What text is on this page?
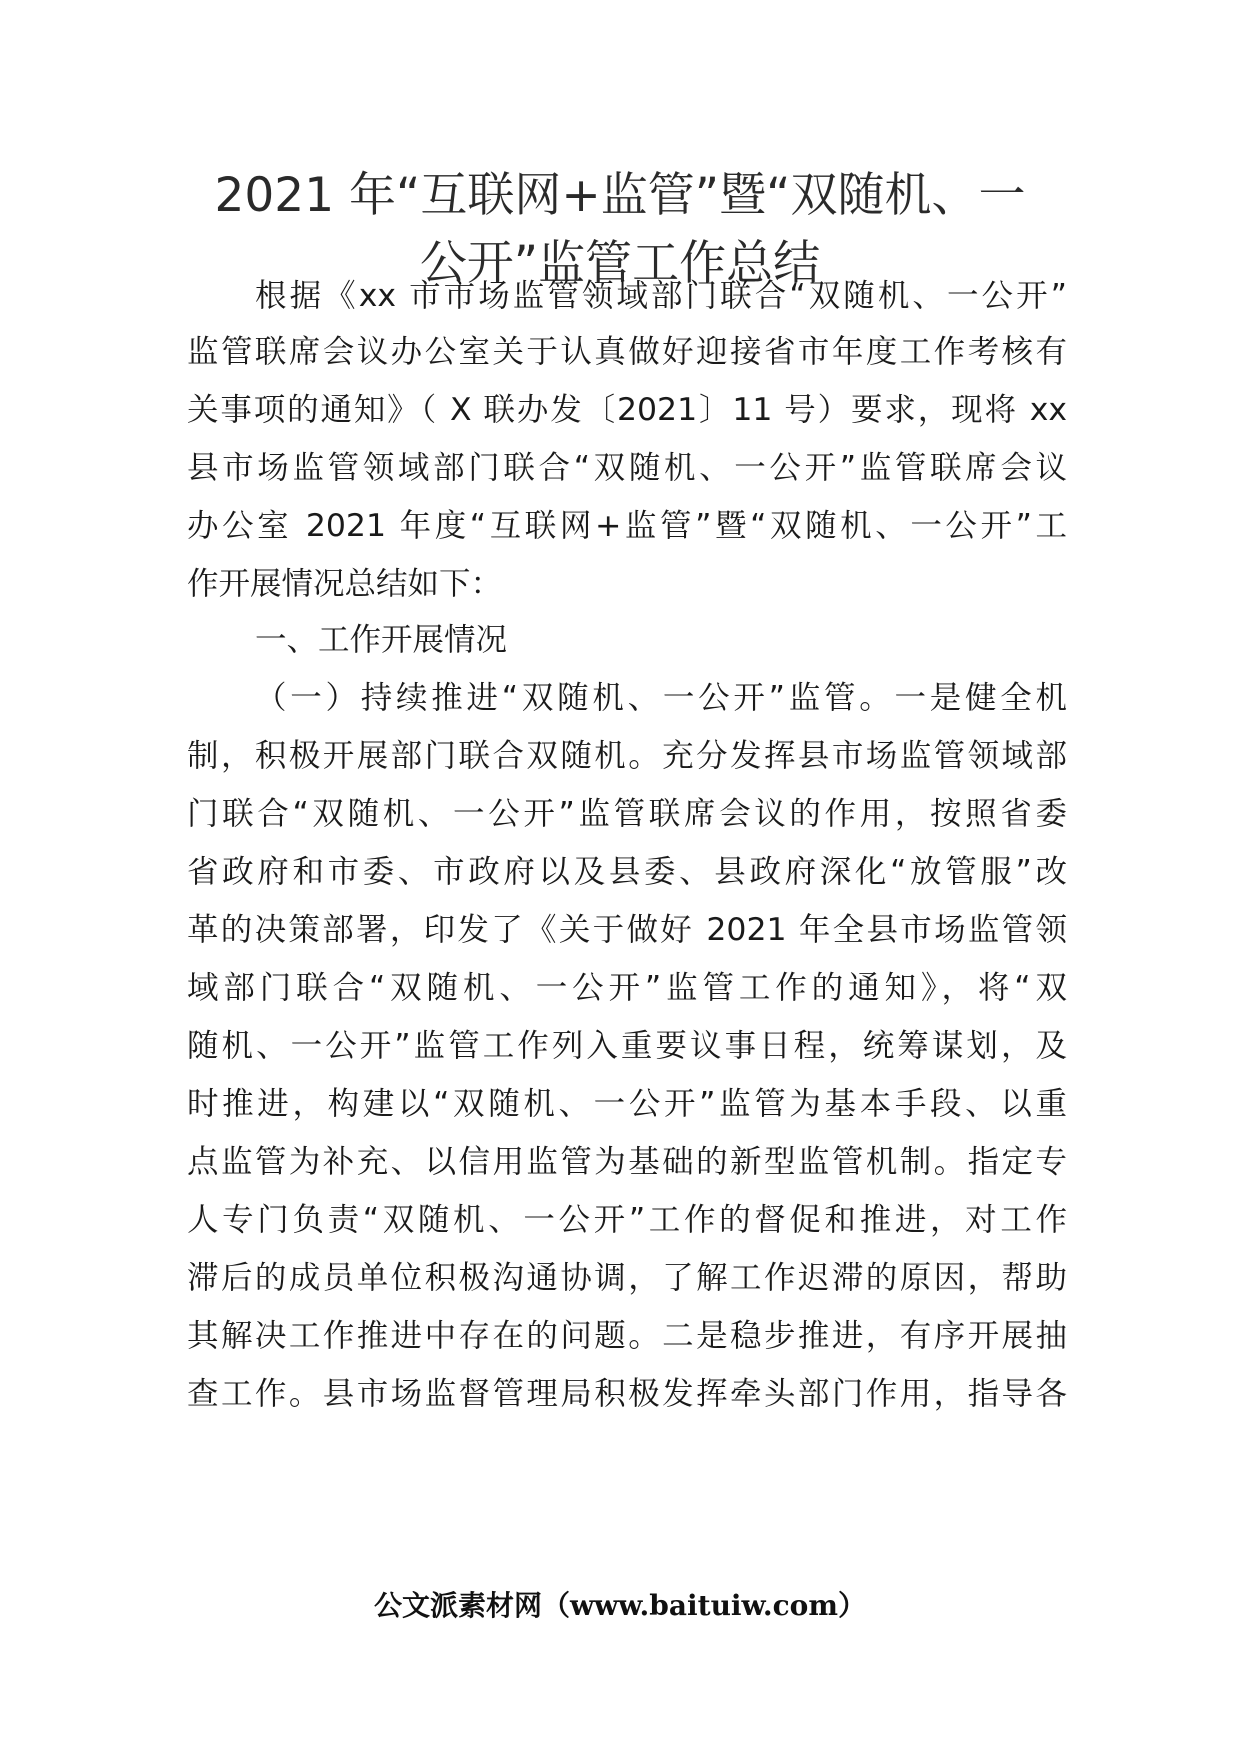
2021 年“互联网+监管”暨“双随机、一
公开”监管工作总结
根据《xx 市市场监管领域部门联合“双随机、一公开”
监管联席会议办公室关于认真做好迎接省市年度工作考核有
关事项的通知》（ X 联办发〔2021〕11 号）要求，现将 xx
县市场监管领域部门联合“双随机、一公开”监管联席会议
办公室 2021 年度“互联网+监管”暨“双随机、一公开”工
作开展情况总结如下：
一、工作开展情况
（一）持续推进“双随机、一公开”监管。一是健全机
制，积极开展部门联合双随机。充分发挥县市场监管领域部
门联合“双随机、一公开”监管联席会议的作用，按照省委
省政府和市委、市政府以及县委、县政府深化“放管服”改
革的决策部署，印发了《关于做好 2021 年全县市场监管领
域部门联合“双随机、一公开”监管工作的通知》，将“双
随机、一公开”监管工作列入重要议事日程，统筹谋划，及
时推进，构建以“双随机、一公开”监管为基本手段、以重
点监管为补充、以信用监管为基础的新型监管机制。指定专
人专门负责“双随机、一公开”工作的督促和推进，对工作
滞后的成员单位积极沟通协调，了解工作迟滞的原因，帮助
其解决工作推进中存在的问题。二是稳步推进，有序开展抽
查工作。县市场监督管理局积极发挥牵头部门作用，指导各
公文派素材网（www.baituiw.com）
